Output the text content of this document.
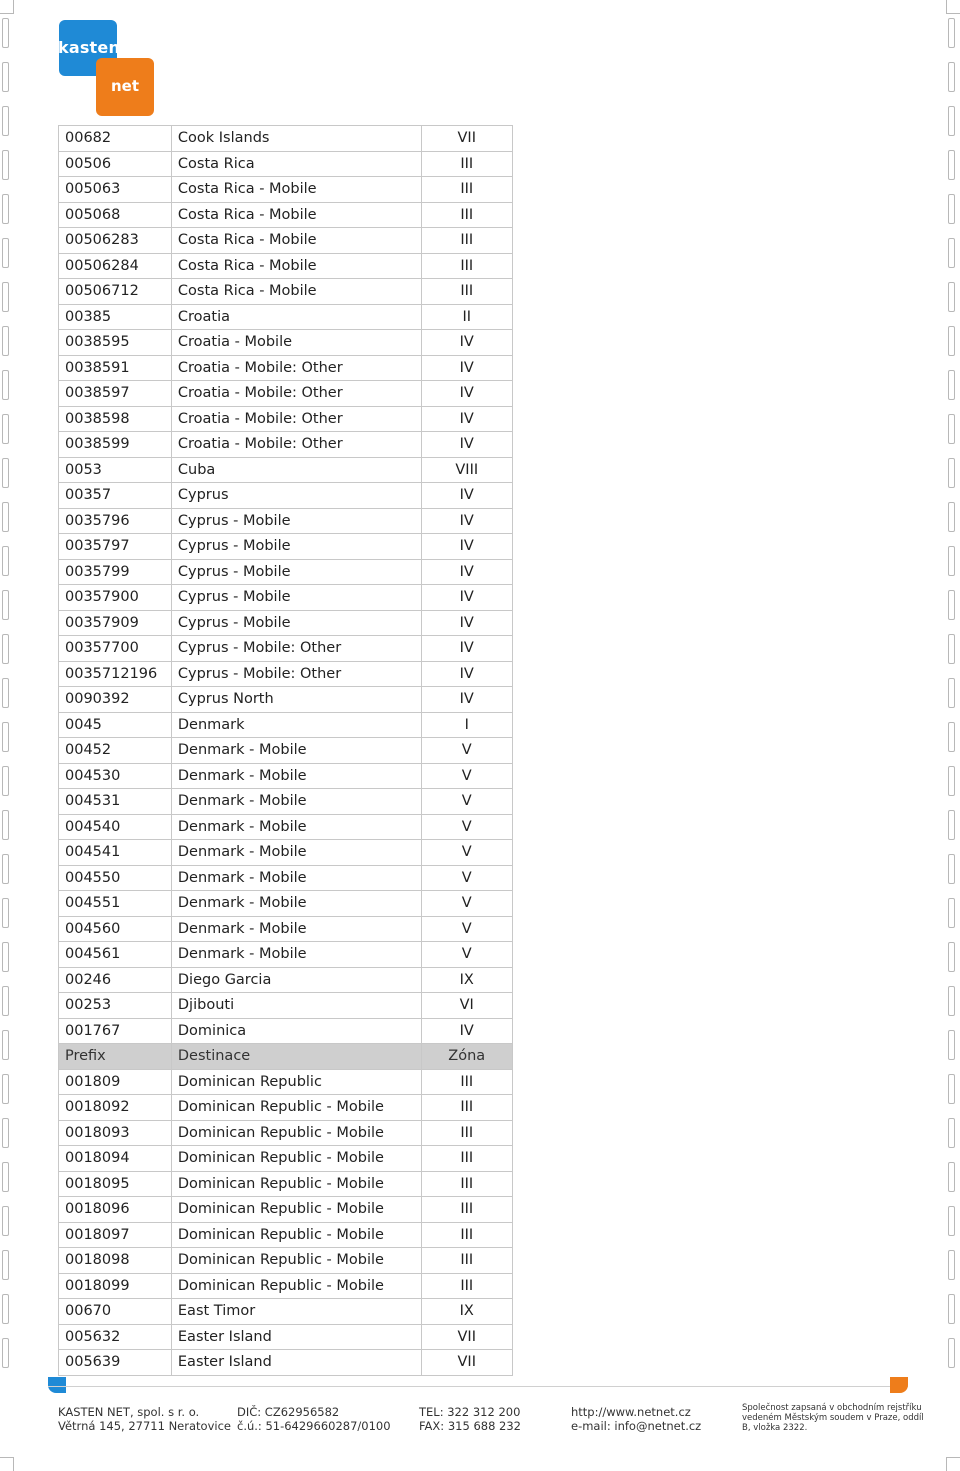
kasten
net
00682	Cook Islands	VII
00506	Costa Rica	III
005063	Costa Rica - Mobile	III
005068	Costa Rica - Mobile	III
00506283	Costa Rica - Mobile	III
00506284	Costa Rica - Mobile	III
00506712	Costa Rica - Mobile	III
00385	Croatia	II
0038595	Croatia - Mobile	IV
0038591	Croatia - Mobile: Other	IV
0038597	Croatia - Mobile: Other	IV
0038598	Croatia - Mobile: Other	IV
0038599	Croatia - Mobile: Other	IV
0053	Cuba	VIII
00357	Cyprus	IV
0035796	Cyprus - Mobile	IV
0035797	Cyprus - Mobile	IV
0035799	Cyprus - Mobile	IV
00357900	Cyprus - Mobile	IV
00357909	Cyprus - Mobile	IV
00357700	Cyprus - Mobile: Other	IV
0035712196	Cyprus - Mobile: Other	IV
0090392	Cyprus North	IV
0045	Denmark	I
00452	Denmark - Mobile	V
004530	Denmark - Mobile	V
004531	Denmark - Mobile	V
004540	Denmark - Mobile	V
004541	Denmark - Mobile	V
004550	Denmark - Mobile	V
004551	Denmark - Mobile	V
004560	Denmark - Mobile	V
004561	Denmark - Mobile	V
00246	Diego Garcia	IX
00253	Djibouti	VI
001767	Dominica	IV
Prefix	Destinace	Zóna
001809	Dominican Republic	III
0018092	Dominican Republic - Mobile	III
0018093	Dominican Republic - Mobile	III
0018094	Dominican Republic - Mobile	III
0018095	Dominican Republic - Mobile	III
0018096	Dominican Republic - Mobile	III
0018097	Dominican Republic - Mobile	III
0018098	Dominican Republic - Mobile	III
0018099	Dominican Republic - Mobile	III
00670	East Timor	IX
005632	Easter Island	VII
005639	Easter Island	VII
KASTEN NET, spol. s r. o.
Větrná 145, 27711 Neratovice
DIČ: CZ62956582
č.ú.: 51-6429660287/0100
TEL: 322 312 200
FAX: 315 688 232
http://www.netnet.cz
e-mail: info@netnet.cz
Společnost zapsaná v obchodním rejstříku
vedeném Městským soudem v Praze, oddíl
B, vložka 2322.
